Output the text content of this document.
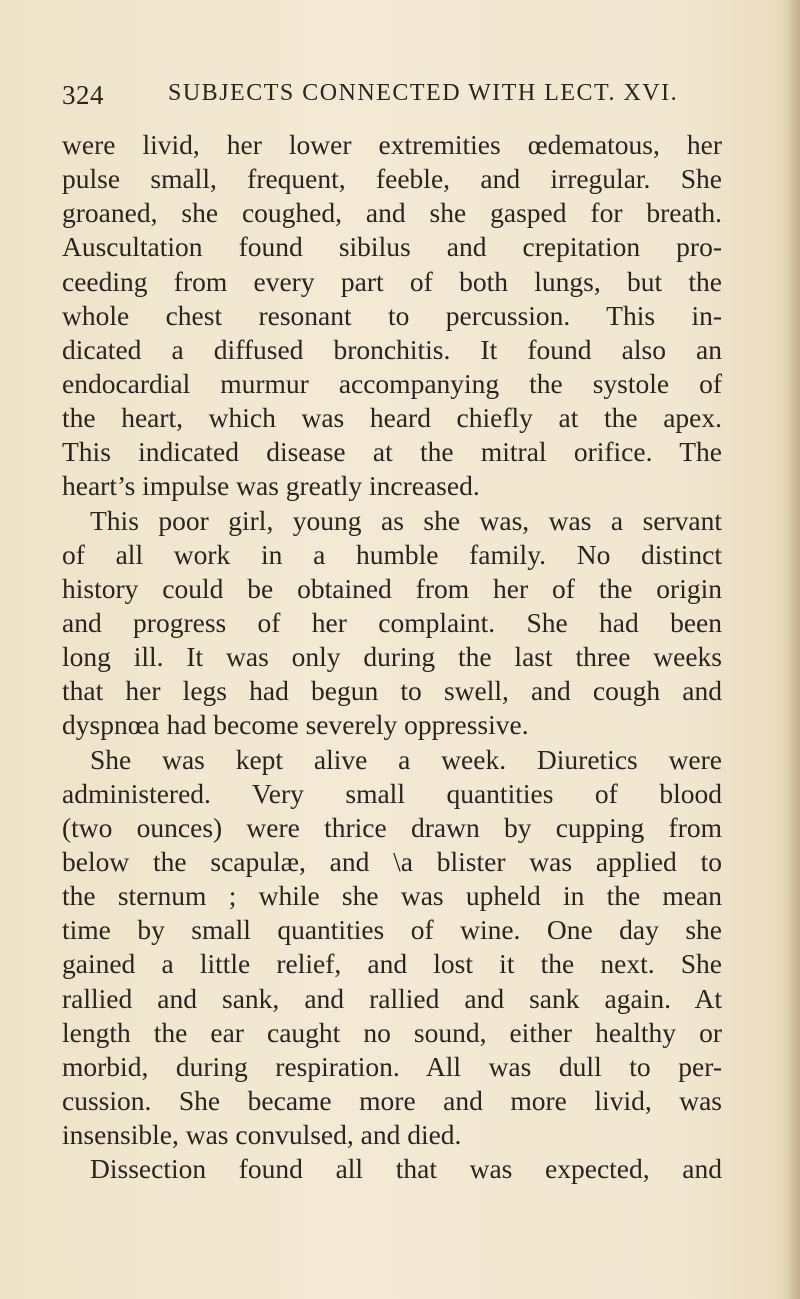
324	SUBJECTS CONNECTED WITH LECT. XVI.
were livid, her lower extremities œdematous, her
pulse small, frequent, feeble, and irregular. She
groaned, she coughed, and she gasped for breath.
Auscultation found sibilus and crepitation pro-
ceeding from every part of both lungs, but the
whole chest resonant to percussion. This in-
dicated a diffused bronchitis. It found also an
endocardial murmur accompanying the systole of
the heart, which was heard chiefly at the apex.
This indicated disease at the mitral orifice. The
heart’s impulse was greatly increased.
This poor girl, young as she was, was a servant
of all work in a humble family. No distinct
history could be obtained from her of the origin
and progress of her complaint. She had been
long ill. It was only during the last three weeks
that her legs had begun to swell, and cough and
dyspnœa had become severely oppressive.
She was kept alive a week. Diuretics were
administered. Very small quantities of blood
(two ounces) were thrice drawn by cupping from
below the scapulæ, and \a blister was applied to
the sternum ; while she was upheld in the mean
time by small quantities of wine. One day she
gained a little relief, and lost it the next. She
rallied and sank, and rallied and sank again. At
length the ear caught no sound, either healthy or
morbid, during respiration. All was dull to per-
cussion. She became more and more livid, was
insensible, was convulsed, and died.
Dissection found all that was expected, and
